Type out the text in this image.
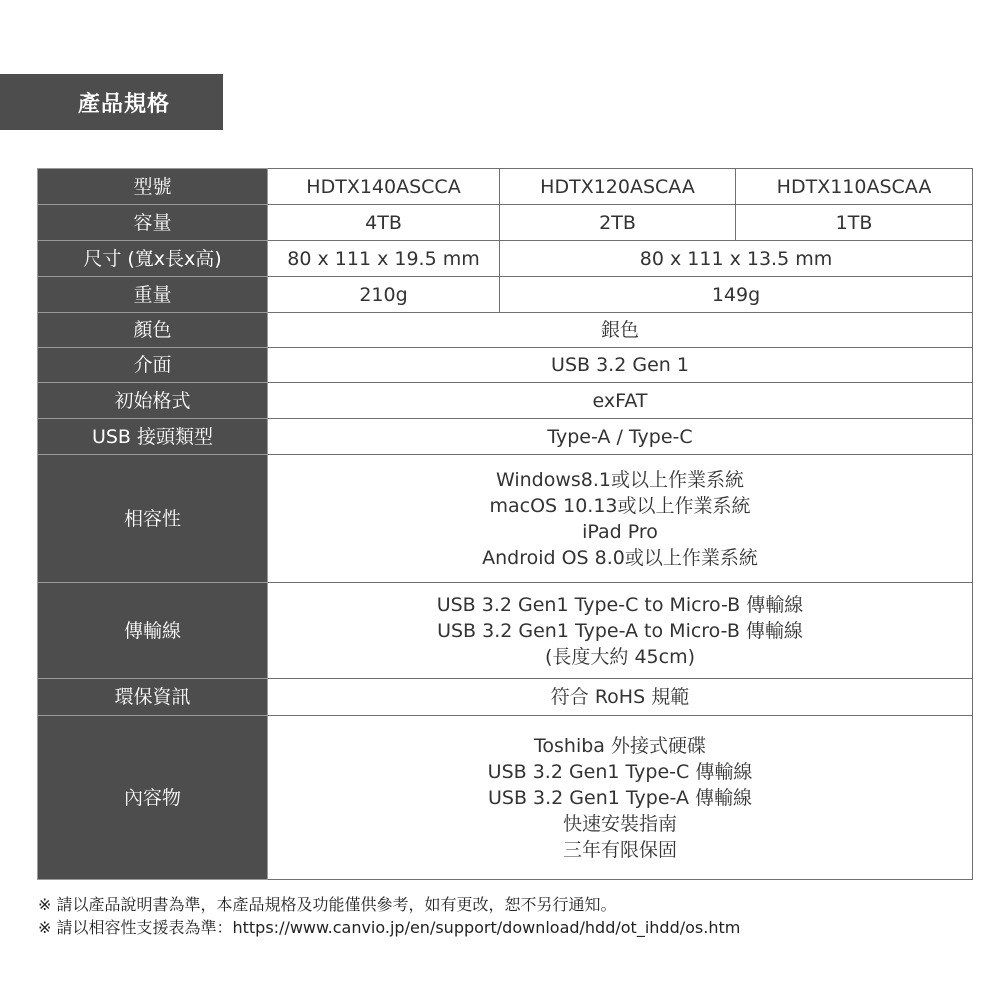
產品規格
型號	HDTX140ASCCA	HDTX120ASCAA	HDTX110ASCAA
容量	4TB	2TB	1TB
尺寸 (寬x長x高)	80 x 111 x 19.5 mm	80 x 111 x 13.5 mm	
重量	210g	149g	
顏色	銀色		
介面	USB 3.2 Gen 1		
初始格式	exFAT		
USB 接頭類型	Type-A / Type-C		
相容性	Windows8.1或以上作業系統
macOS 10.13或以上作業系統
iPad Pro
Android OS 8.0或以上作業系統		

傳輸線	USB 3.2 Gen1 Type-C to Micro-B 傳輸線
USB 3.2 Gen1 Type-A to Micro-B 傳輸線
(長度大約 45cm)		

環保資訊	符合 RoHS 規範		
內容物	Toshiba 外接式硬碟
USB 3.2 Gen1 Type-C 傳輸線
USB 3.2 Gen1 Type-A 傳輸線
快速安裝指南
三年有限保固		
※ 請以產品說明書為準，本產品規格及功能僅供參考，如有更改，恕不另行通知。
※ 請以相容性支援表為準：https://www.canvio.jp/en/support/download/hdd/ot_ihdd/os.htm
